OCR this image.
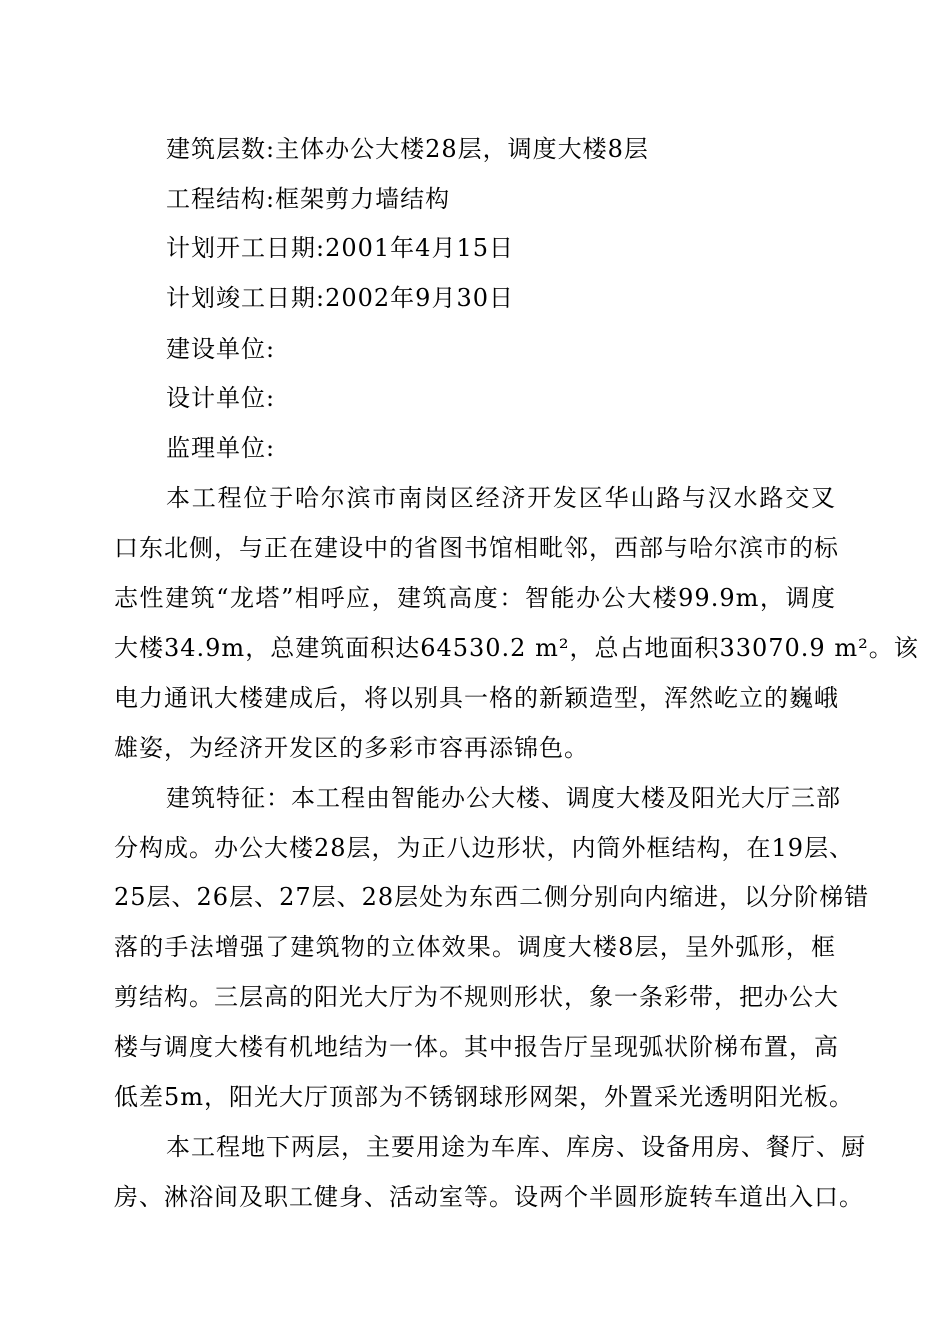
建筑层数:主体办公大楼28层，调度大楼8层
工程结构:框架剪力墙结构
计划开工日期:2001年4月15日
计划竣工日期:2002年9月30日
建设单位:
设计单位:
监理单位:
本工程位于哈尔滨市南岗区经济开发区华山路与汉水路交叉
口东北侧，与正在建设中的省图书馆相毗邻，西部与哈尔滨市的标
志性建筑“龙塔”相呼应，建筑高度：智能办公大楼99.9m，调度
大楼34.9m，总建筑面积达64530.2 m²，总占地面积33070.9 m²。该
电力通讯大楼建成后，将以别具一格的新颖造型，浑然屹立的巍峨
雄姿，为经济开发区的多彩市容再添锦色。
建筑特征：本工程由智能办公大楼、调度大楼及阳光大厅三部
分构成。办公大楼28层，为正八边形状，内筒外框结构，在19层、
25层、26层、27层、28层处为东西二侧分别向内缩进，以分阶梯错
落的手法增强了建筑物的立体效果。调度大楼8层，呈外弧形，框
剪结构。三层高的阳光大厅为不规则形状，象一条彩带，把办公大
楼与调度大楼有机地结为一体。其中报告厅呈现弧状阶梯布置，高
低差5m，阳光大厅顶部为不锈钢球形网架，外置采光透明阳光板。
本工程地下两层，主要用途为车库、库房、设备用房、餐厅、厨
房、淋浴间及职工健身、活动室等。设两个半圆形旋转车道出入口。
